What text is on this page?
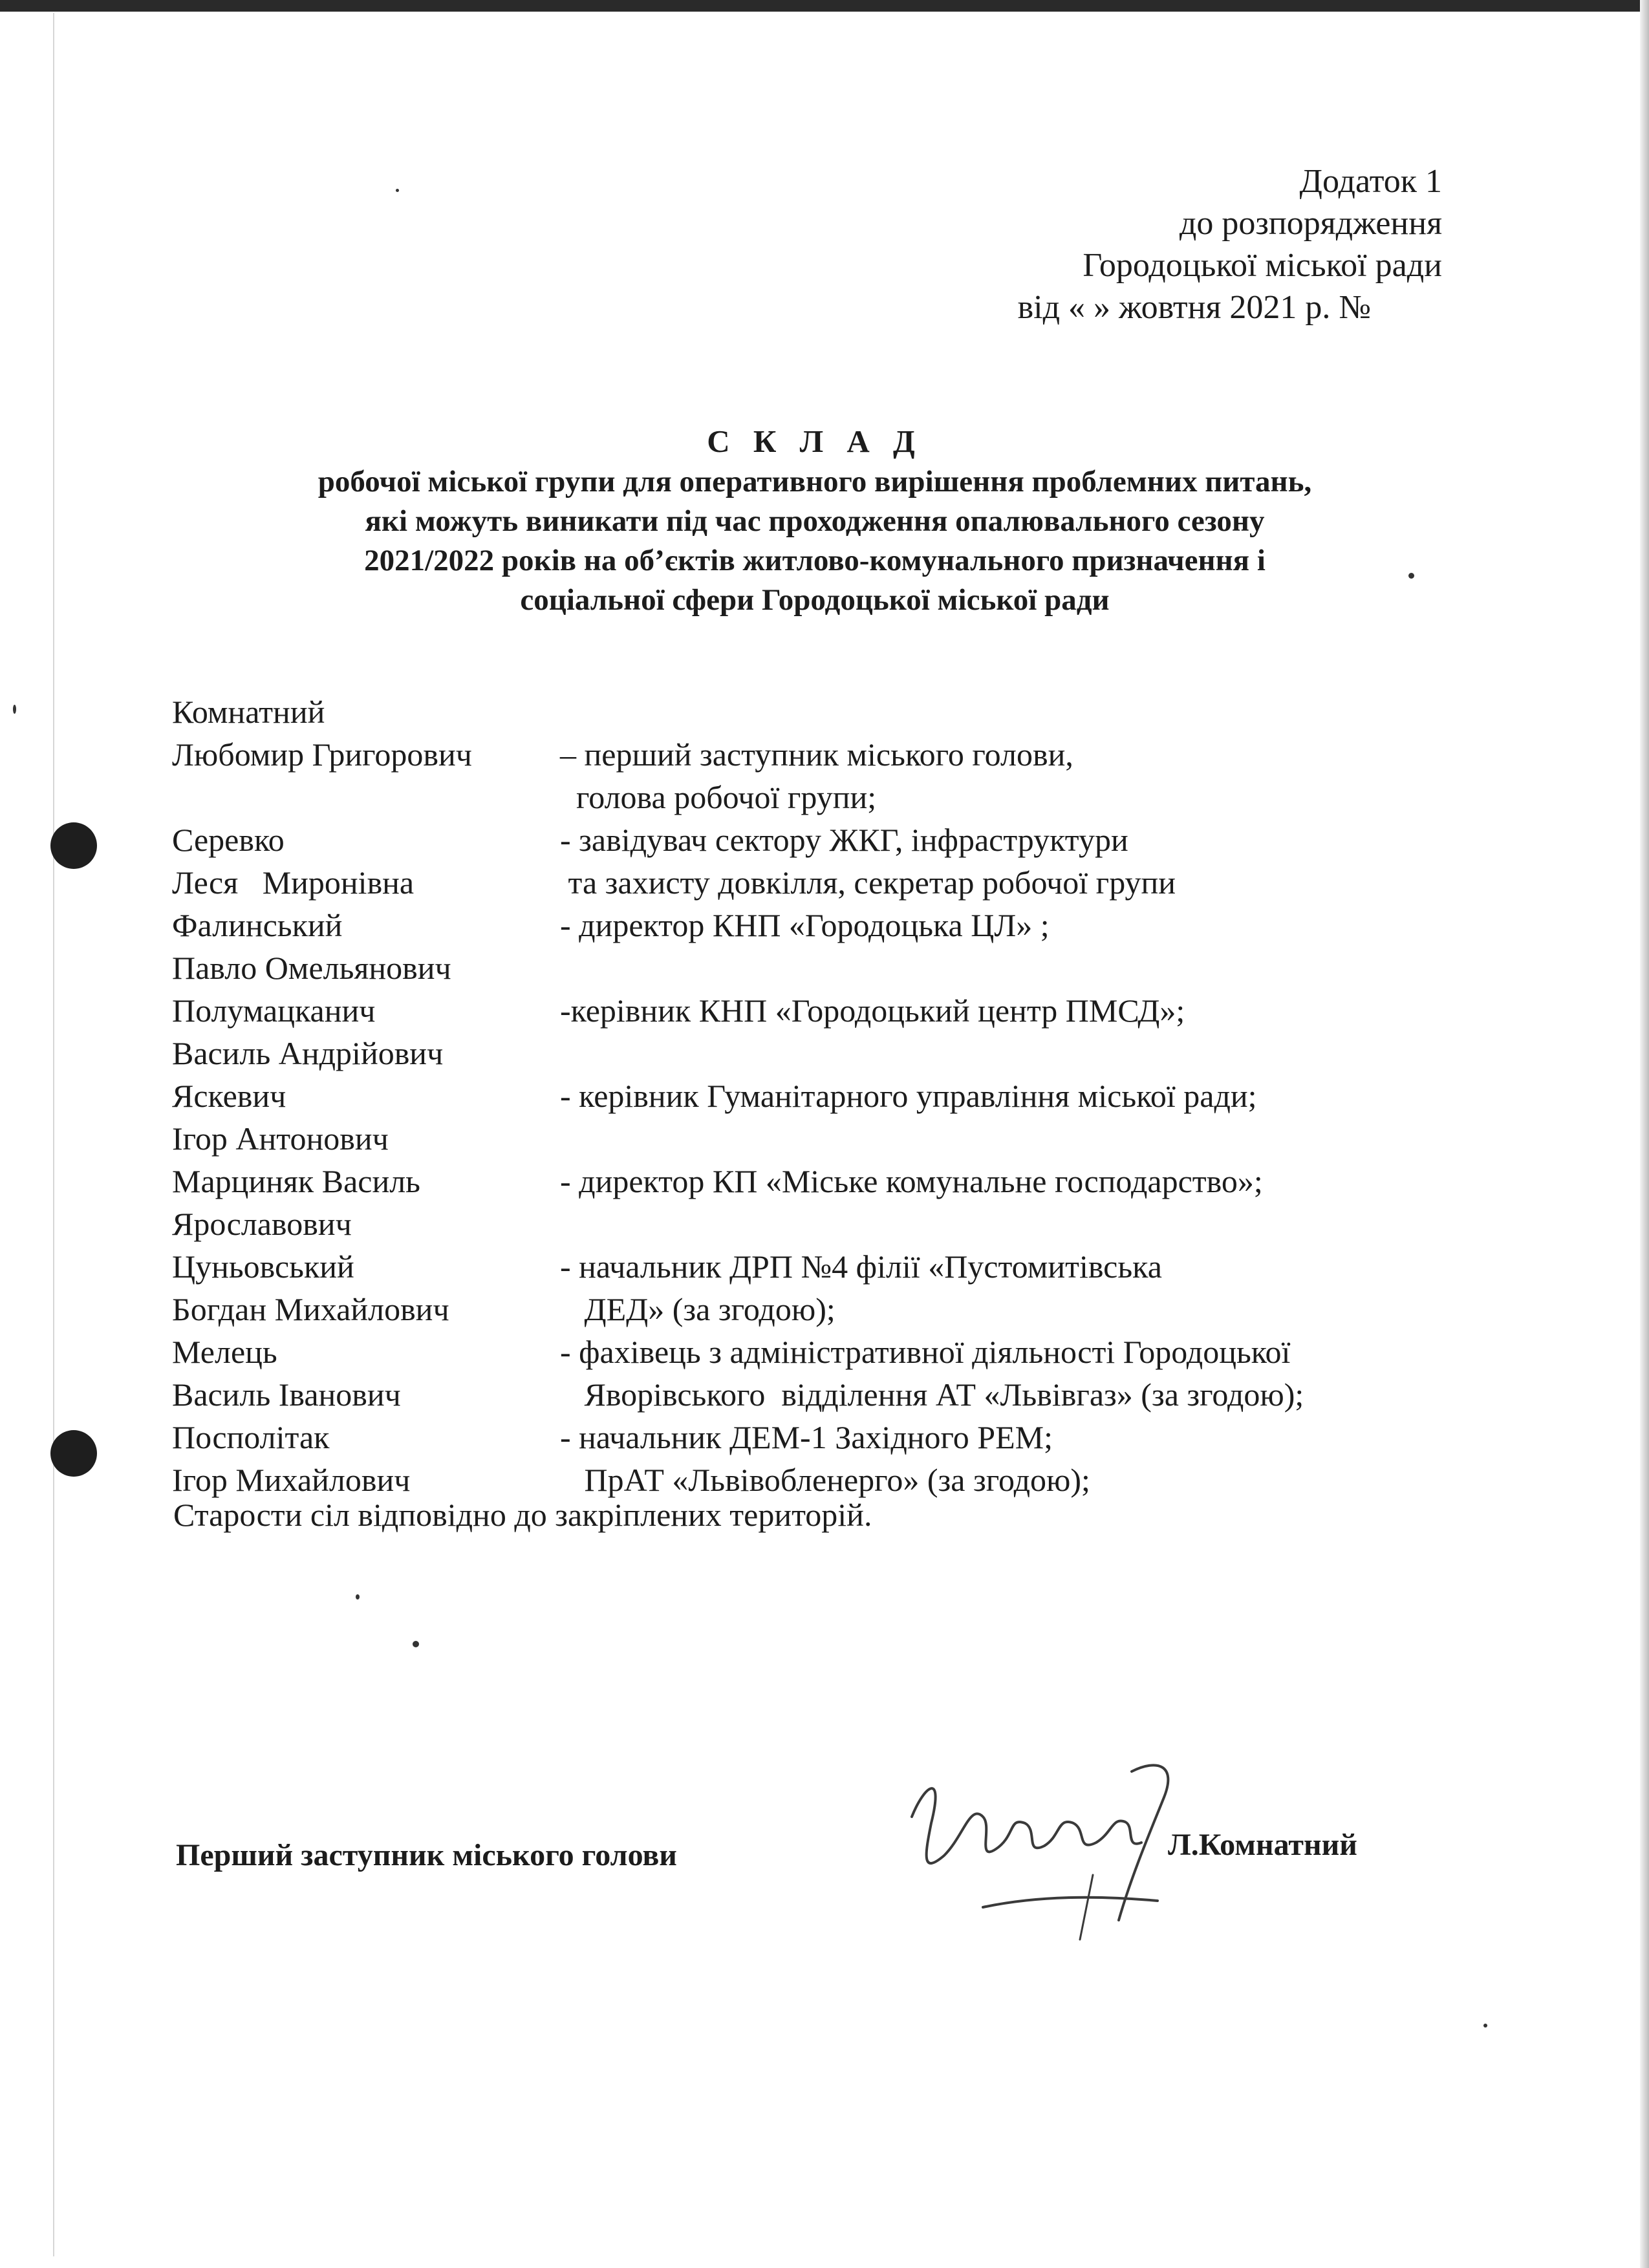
Додаток 1
до розпорядження
Городоцької міської ради
від « » жовтня 2021 р. №
С К Л А Д
робочої міської групи для оперативного вирішення проблемних питань,
які можуть виникати під час проходження опалювального сезону
2021/2022 років на об’єктів житлово-комунального призначення і
соціальної сфери Городоцької міської ради
Комнатний
Любомир Григорович	– перший заступник міського голови,
голова робочої групи;
Серевко	- завідувач сектору ЖКГ, інфраструктури
Леся   Миронівна	та захисту довкілля, секретар робочої групи
Фалинський	- директор КНП «Городоцька ЦЛ» ;
Павло Омельянович
Полумацканич	-керівник КНП «Городоцький центр ПМСД»;
Василь Андрійович
Яскевич	- керівник Гуманітарного управління міської ради;
Ігор Антонович
Марциняк Василь	- директор КП «Міське комунальне господарство»;
Ярославович
Цуньовський	- начальник ДРП №4 філії «Пустомитівська
Богдан Михайлович	ДЕД» (за згодою);
Мелець	- фахівець з адміністративної діяльності Городоцької
Василь Іванович	Яворівського  відділення АТ «Львівгаз» (за згодою);
Посполітак	- начальник ДЕМ-1 Західного РЕМ;
Ігор Михайлович	ПрАТ «Львівобленерго» (за згодою);
Старости сіл відповідно до закріплених територій.
Перший заступник міського голови	Л.Комнатний
